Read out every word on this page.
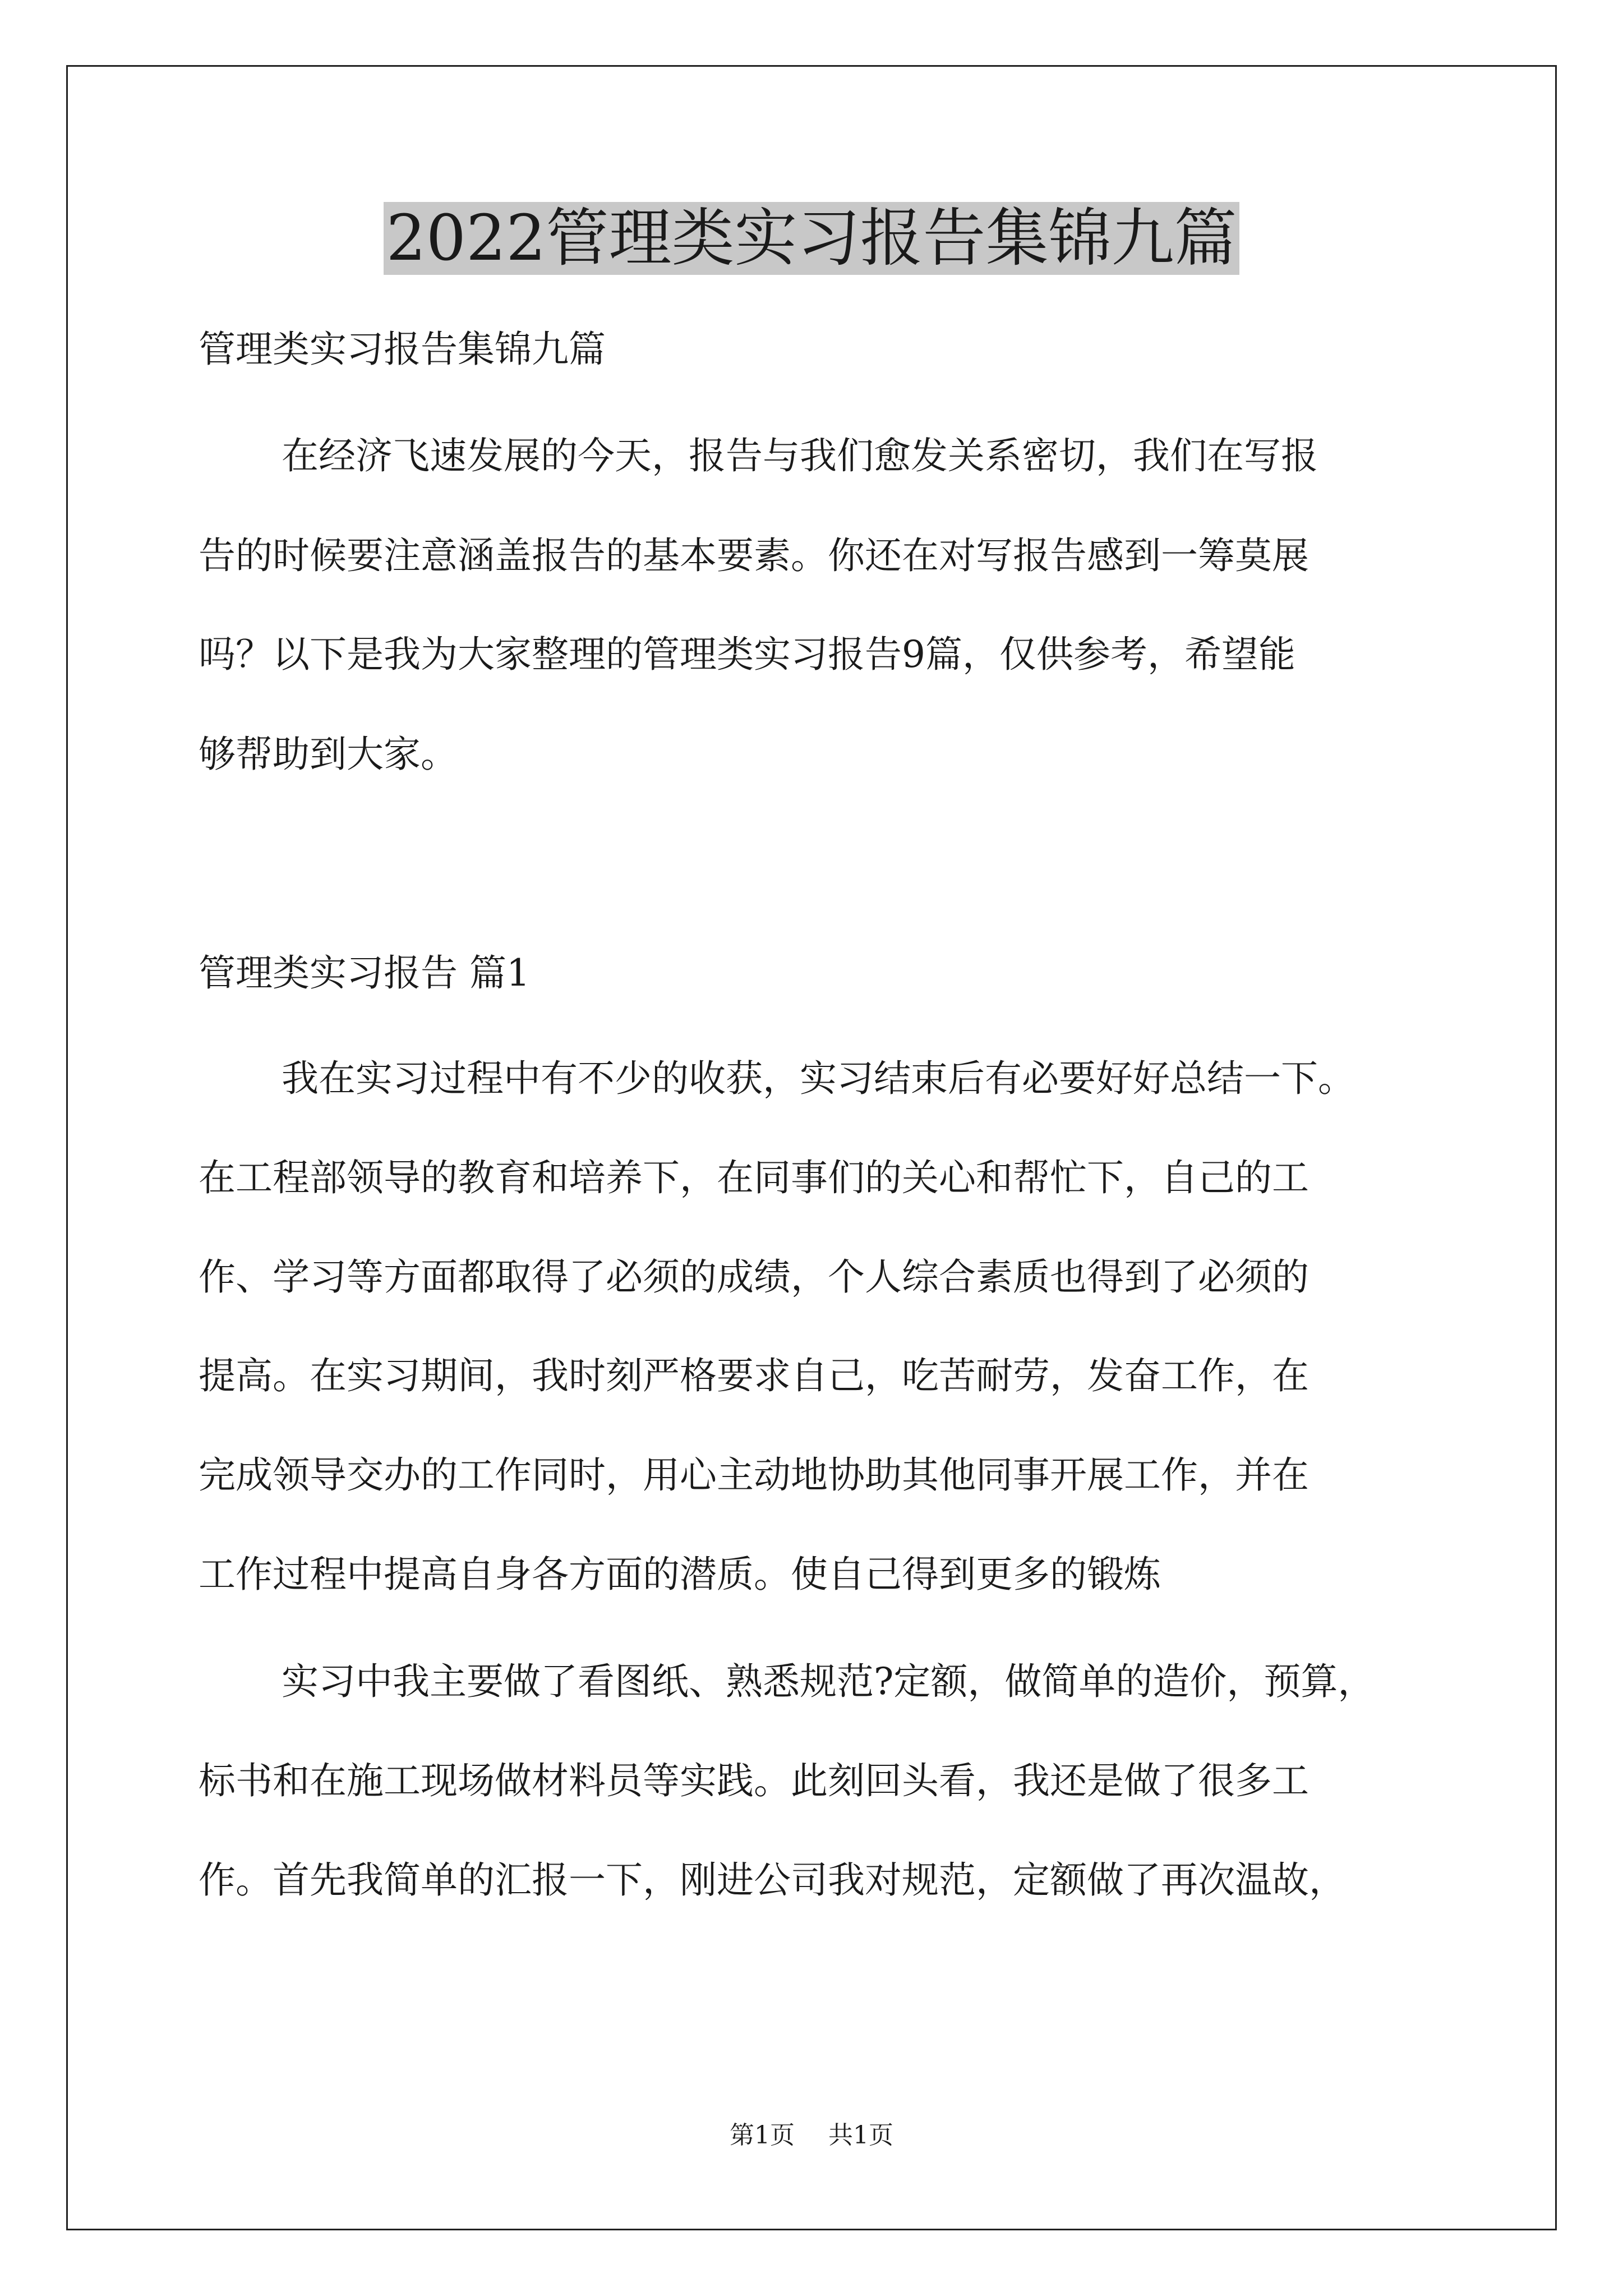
2022管理类实习报告集锦九篇

管理类实习报告集锦九篇

在经济飞速发展的今天，报告与我们愈发关系密切，我们在写报

告的时候要注意涵盖报告的基本要素。你还在对写报告感到一筹莫展

吗？以下是我为大家整理的管理类实习报告9篇，仅供参考，希望能

够帮助到大家。

管理类实习报告 篇1

我在实习过程中有不少的收获，实习结束后有必要好好总结一下。

在工程部领导的教育和培养下，在同事们的关心和帮忙下，自己的工

作、学习等方面都取得了必须的成绩，个人综合素质也得到了必须的

提高。在实习期间，我时刻严格要求自己，吃苦耐劳，发奋工作，在

完成领导交办的工作同时，用心主动地协助其他同事开展工作，并在

工作过程中提高自身各方面的潜质。使自己得到更多的锻炼

实习中我主要做了看图纸、熟悉规范?定额，做简单的造价，预算，

标书和在施工现场做材料员等实践。此刻回头看，我还是做了很多工

作。首先我简单的汇报一下，刚进公司我对规范，定额做了再次温故，

第1页 共1页
